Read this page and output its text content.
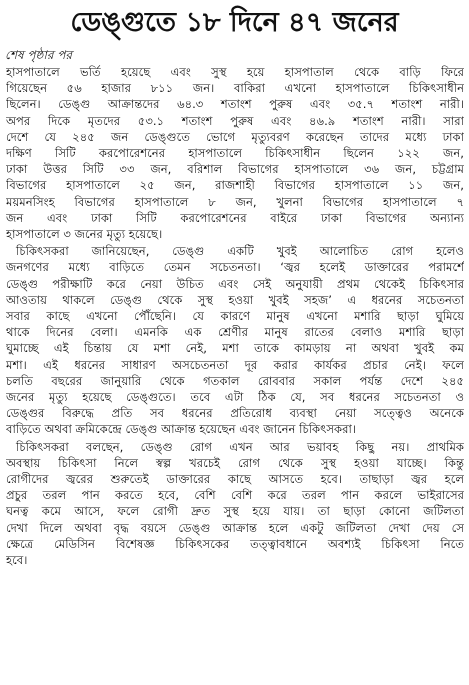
ডেঙ্গুতে ১৮ দিনে ৪৭ জনের
শেষ পৃষ্ঠার পর
হাসপাতালে ভর্তি হয়েছে এবং সুস্থ হয়ে হাসপাতাল থেকে বাড়ি ফিরে
গিয়েছেন ৫৬ হাজার ৮১১ জন। বাকিরা এখনো হাসপাতালে চিকিৎসাধীন
ছিলেন। ডেঙ্গু আক্রান্তদের ৬৪.৩ শতাংশ পুরুষ এবং ৩৫.৭ শতাংশ নারী।
অপর দিকে মৃতদের ৫৩.১ শতাংশ পুরুষ এবং ৪৬.৯ শতাংশ নারী। সারা
দেশে যে ২৪৫ জন ডেঙ্গুতে ভোগে মৃত্যুবরণ করেছেন তাদের মধ্যে ঢাকা
দক্ষিণ সিটি করপোরেশনের হাসপাতালে চিকিৎসাধীন ছিলেন ১২২ জন,
ঢাকা উত্তর সিটি ৩৩ জন, বরিশাল বিভাগের হাসপাতালে ৩৬ জন, চট্টগ্রাম
বিভাগের হাসপাতালে ২৫ জন, রাজশাহী বিভাগের হাসপাতালে ১১ জন,
ময়মনসিংহ বিভাগের হাসপাতালে ৮ জন, খুলনা বিভাগের হাসপাতালে ৭
জন এবং ঢাকা সিটি করপোরেশনের বাইরে ঢাকা বিভাগের অন্যান্য
হাসপাতালে ৩ জনের মৃত্যু হয়েছে।
চিকিৎসকরা জানিয়েছেন, ডেঙ্গু একটি খুবই আলোচিত রোগ হলেও
জনগণের মধ্যে বাড়িতে তেমন সচেতনতা। ‘জ্বর হলেই ডাক্তারের পরামর্শে
ডেঙ্গু পরীক্ষাটি করে নেয়া উচিত এবং সেই অনুযায়ী প্রথম থেকেই চিকিৎসার
আওতায় থাকলে ডেঙ্গু থেকে সুস্থ হওয়া খুবই সহজ’ এ ধরনের সচেতনতা
সবার কাছে এখনো পৌঁছেনি। যে কারণে মানুষ এখনো মশারি ছাড়া ঘুমিয়ে
থাকে দিনের বেলা। এমনকি এক শ্রেণীর মানুষ রাতের বেলাও মশারি ছাড়া
ঘুমাচ্ছে এই চিন্তায় যে মশা নেই, মশা তাকে কামড়ায় না অথবা খুবই কম
মশা। এই ধরনের সাধারণ অসচেতনতা দূর করার কার্যকর প্রচার নেই। ফলে
চলতি বছরের জানুয়ারি থেকে গতকাল রোববার সকাল পর্যন্ত দেশে ২৪৫
জনের মৃত্যু হয়েছে ডেঙ্গুতে। তবে এটা ঠিক যে, সব ধরনের সচেতনতা ও
ডেঙ্গুর বিরুদ্ধে প্রতি সব ধরনের প্রতিরোধ ব্যবস্থা নেয়া সত্ত্বেও অনেকে
বাড়িতে অথবা ক্রমিকেন্দ্রে ডেঙ্গু আক্রান্ত হয়েছেন এবং জানেন চিকিৎসকরা।
চিকিৎসকরা বলছেন, ডেঙ্গু রোগ এখন আর ভয়াবহ কিছু নয়। প্রাথমিক
অবস্থায় চিকিৎসা নিলে স্বল্প খরচেই রোগ থেকে সুস্থ হওয়া যাচ্ছে। কিন্তু
রোগীদের জ্বরের শুরুতেই ডাক্তারের কাছে আসতে হবে। তাছাড়া জ্বর হলে
প্রচুর তরল পান করতে হবে, বেশি বেশি করে তরল পান করলে ভাইরাসের
ঘনত্ব কমে আসে, ফলে রোগী দ্রুত সুস্থ হয়ে যায়। তা ছাড়া কোনো জটিলতা
দেখা দিলে অথবা বৃদ্ধ বয়সে ডেঙ্গু আক্রান্ত হলে একটু জটিলতা দেখা দেয় সে
ক্ষেত্রে মেডিসিন বিশেষজ্ঞ চিকিৎসকের তত্ত্বাবধানে অবশ্যই চিকিৎসা নিতে
হবে।
